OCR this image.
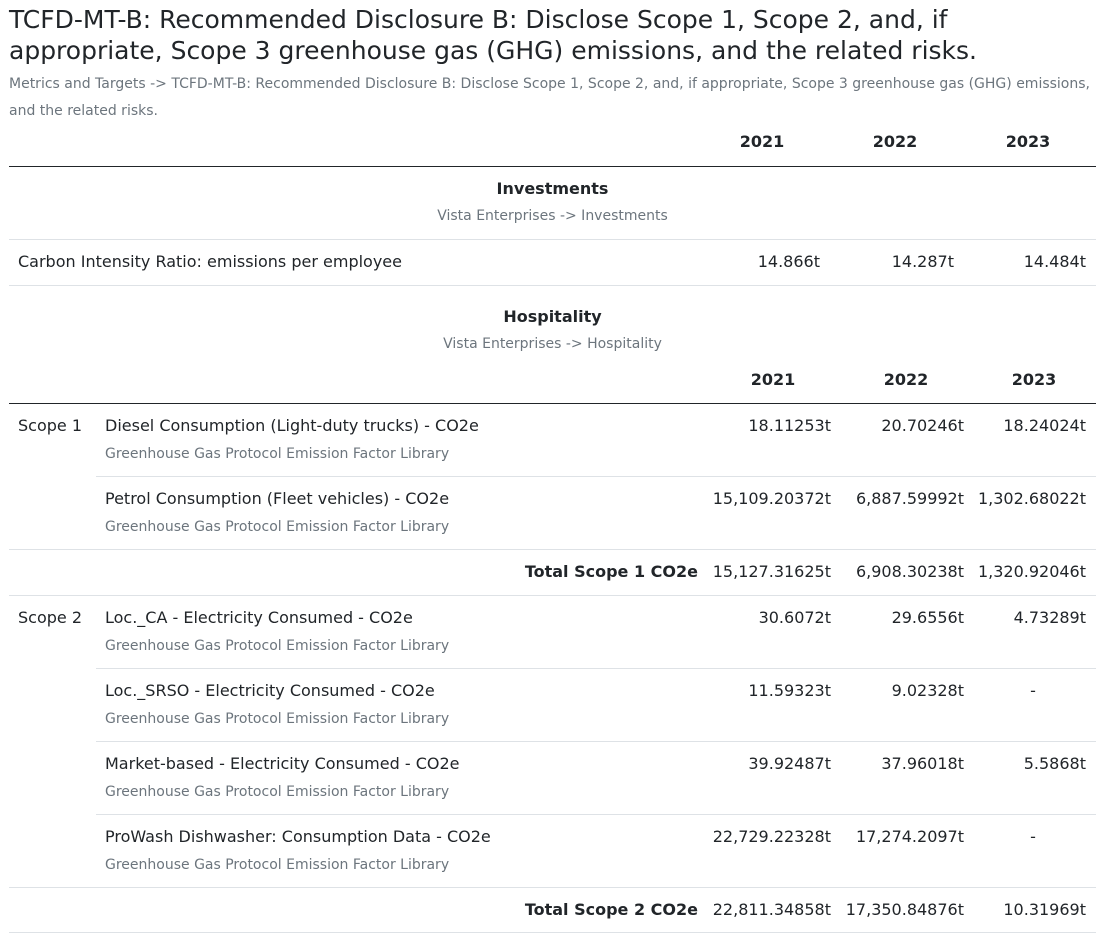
TCFD-MT-B: Recommended Disclosure B: Disclose Scope 1, Scope 2, and, if appropriate, Scope 3 greenhouse gas (GHG) emissions, and the related risks.
Metrics and Targets -> TCFD-MT-B: Recommended Disclosure B: Disclose Scope 1, Scope 2, and, if appropriate, Scope 3 greenhouse gas (GHG) emissions, and the related risks.
2021	2022	2023
Investments
Vista Enterprises -> Investments
Carbon Intensity Ratio: emissions per employee	14.866t	14.287t	14.484t
Hospitality
Vista Enterprises -> Hospitality
2021	2022	2023
Scope 1 Diesel Consumption (Light-duty trucks) - CO2e
Greenhouse Gas Protocol Emission Factor Library
18.11253t	20.70246t	18.24024t
Petrol Consumption (Fleet vehicles) - CO2e
Greenhouse Gas Protocol Emission Factor Library
15,109.20372t	6,887.59992t 1,302.68022t
Total Scope 1 CO2e 15,127.31625t	6,908.30238t 1,320.92046t
Scope 2 Loc._CA - Electricity Consumed - CO2e
Greenhouse Gas Protocol Emission Factor Library
30.6072t	29.6556t	4.73289t
Loc._SRSO - Electricity Consumed - CO2e
Greenhouse Gas Protocol Emission Factor Library
11.59323t	9.02328t	-
Market-based - Electricity Consumed - CO2e
Greenhouse Gas Protocol Emission Factor Library
39.92487t	37.96018t	5.5868t
ProWash Dishwasher: Consumption Data - CO2e
Greenhouse Gas Protocol Emission Factor Library
22,729.22328t	17,274.2097t	-
Total Scope 2 CO2e 22,811.34858t 17,350.84876t	10.31969t
